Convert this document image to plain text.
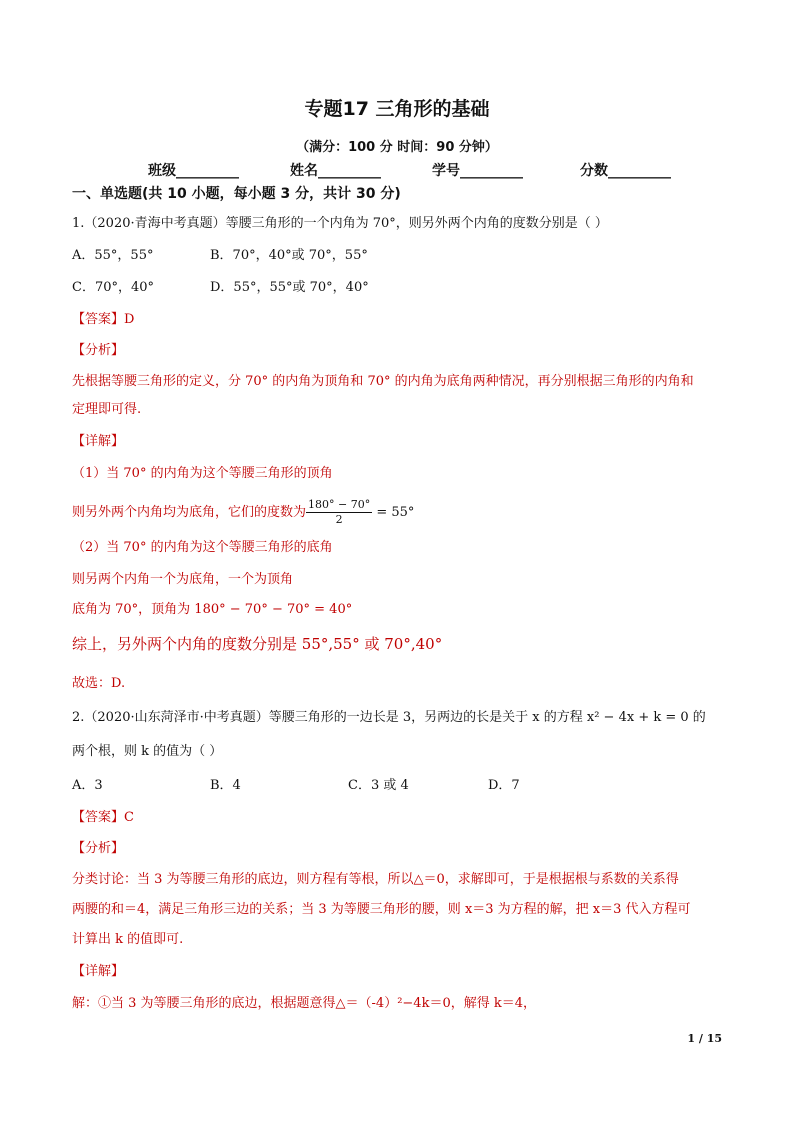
专题17 三角形的基础
（满分：100 分 时间：90 分钟）
班级_________	姓名_________	学号_________	分数_________
一、单选题(共 10 小题，每小题 3 分，共计 30 分)
1.（2020·青海中考真题）等腰三角形的一个内角为 70°，则另外两个内角的度数分别是（ ）
A．55°，55°	B．70°，40°或 70°，55°
C．70°，40°	D．55°，55°或 70°，40°
【答案】D
【分析】
先根据等腰三角形的定义，分 70° 的内角为顶角和 70° 的内角为底角两种情况，再分别根据三角形的内角和
定理即可得.
【详解】
（1）当 70° 的内角为这个等腰三角形的顶角
则另外两个内角均为底角，它们的度数为 $\frac{180^\circ - 70^\circ}{2} = 55^\circ$
（2）当 70° 的内角为这个等腰三角形的底角
则另两个内角一个为底角，一个为顶角
底角为 70°，顶角为 180° − 70° − 70° = 40°
综上，另外两个内角的度数分别是 55°,55° 或 70°,40°
故选：D.
2.（2020·山东菏泽市·中考真题）等腰三角形的一边长是 3，另两边的长是关于 x 的方程 x² − 4x + k = 0 的
两个根，则 k 的值为（ ）
A．3	B．4	C．3 或 4	D．7
【答案】C
【分析】
分类讨论：当 3 为等腰三角形的底边，则方程有等根，所以△＝0，求解即可，于是根据根与系数的关系得
两腰的和＝4，满足三角形三边的关系；当 3 为等腰三角形的腰，则 x＝3 为方程的解，把 x＝3 代入方程可
计算出 k 的值即可.
【详解】
解：①当 3 为等腰三角形的底边，根据题意得△＝（-4）²−4k＝0，解得 k＝4，
1 / 15
